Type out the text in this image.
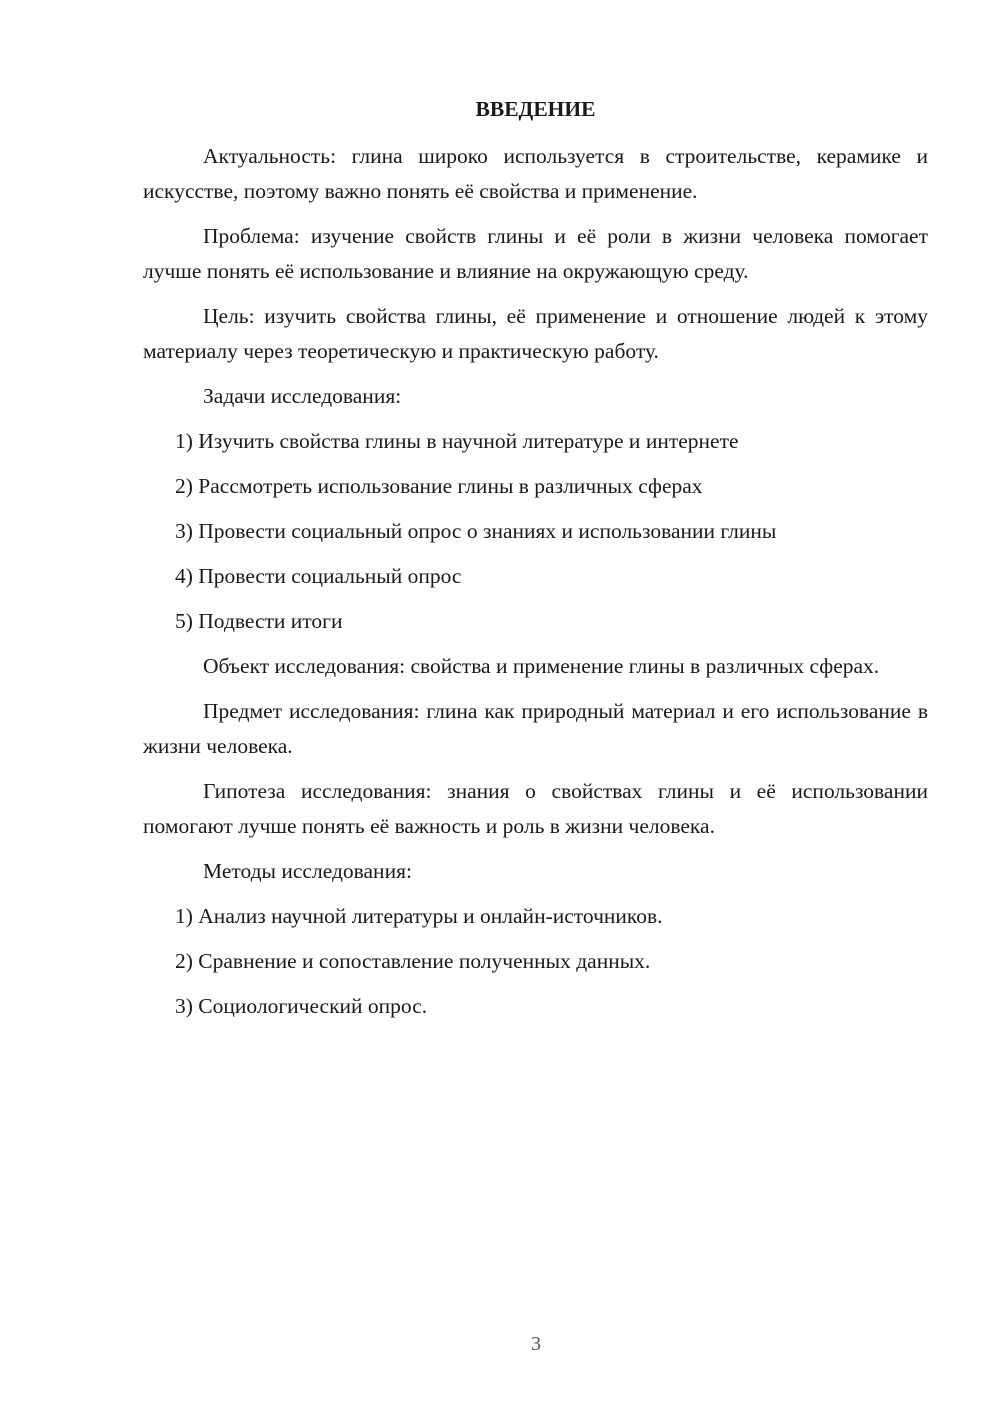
ВВЕДЕНИЕ

Актуальность: глина широко используется в строительстве, керамике и искусстве, поэтому важно понять её свойства и применение.

Проблема: изучение свойств глины и её роли в жизни человека помогает лучше понять её использование и влияние на окружающую среду.

Цель: изучить свойства глины, её применение и отношение людей к этому материалу через теоретическую и практическую работу.

Задачи исследования:

1) Изучить свойства глины в научной литературе и интернете

2) Рассмотреть использование глины в различных сферах

3) Провести социальный опрос о знаниях и использовании глины

4) Провести социальный опрос

5) Подвести итоги

Объект исследования: свойства и применение глины в различных сферах.

Предмет исследования: глина как природный материал и его использование в жизни человека.

Гипотеза исследования: знания о свойствах глины и её использовании помогают лучше понять её важность и роль в жизни человека.

Методы исследования:

1) Анализ научной литературы и онлайн-источников.

2) Сравнение и сопоставление полученных данных.

3) Социологический опрос.

3
